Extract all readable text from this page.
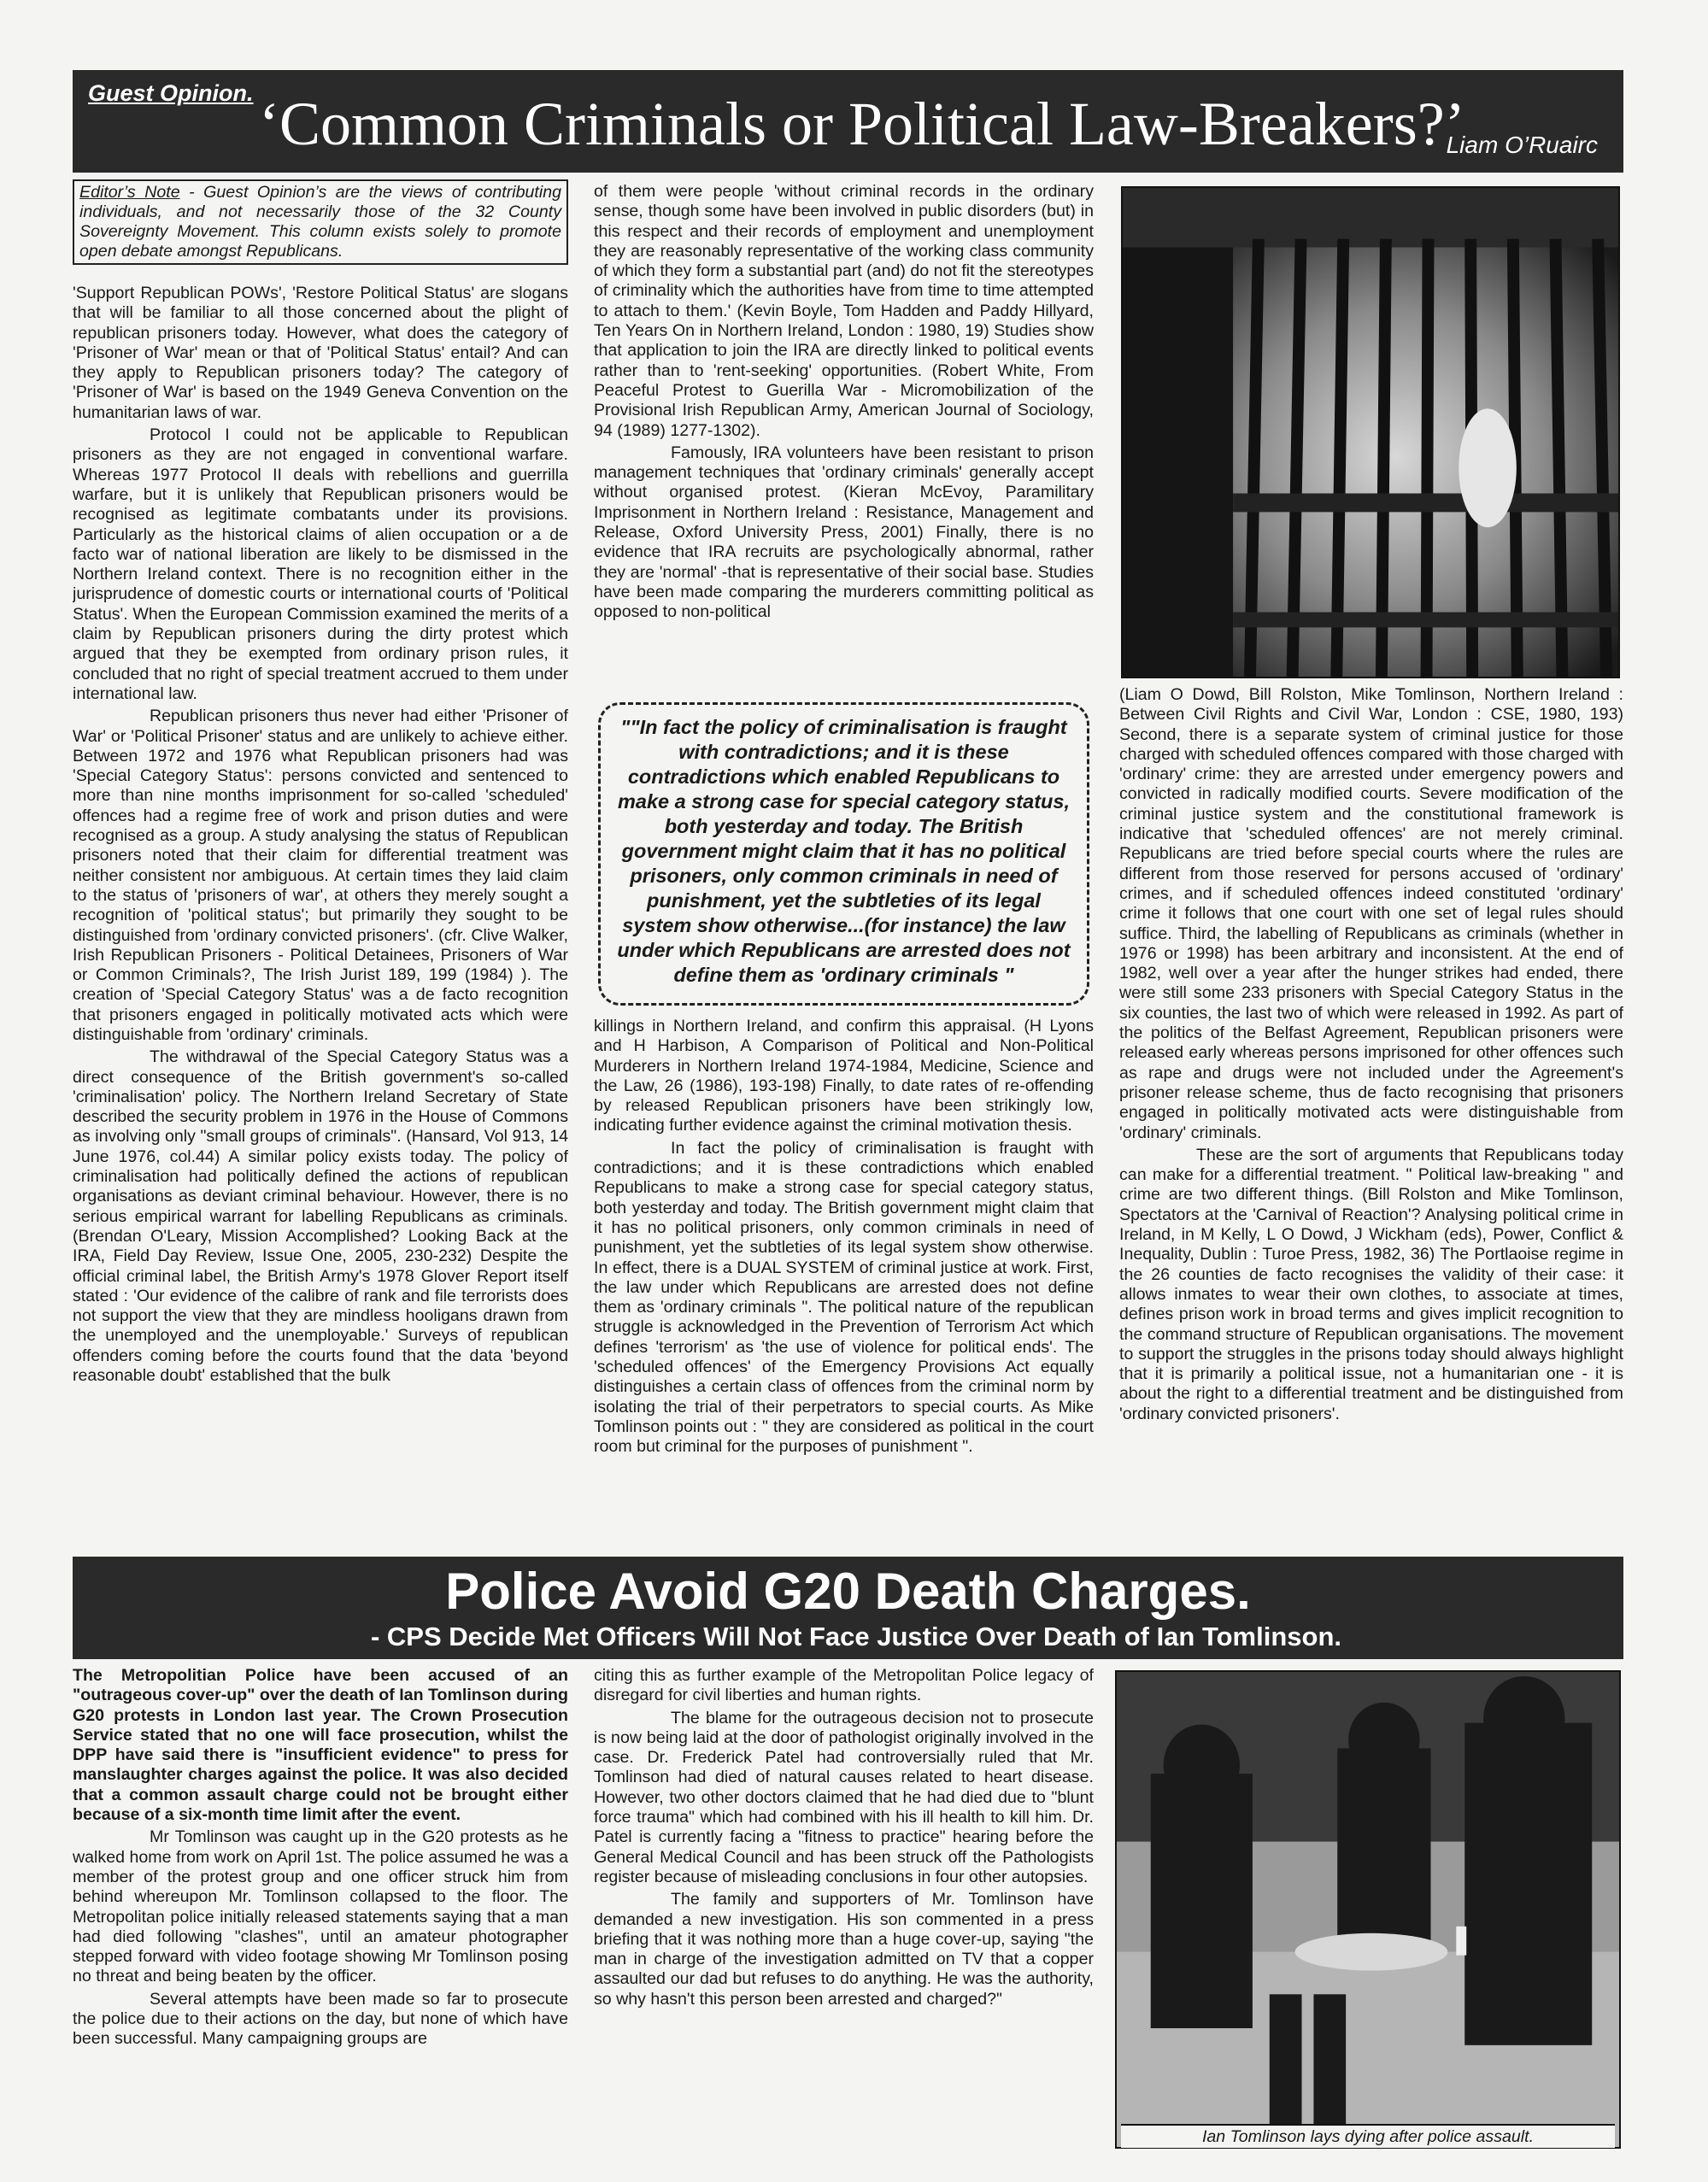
Guest Opinion. ‘Common Criminals or Political Law-Breakers?’
Liam O’Ruairc
Editor’s Note - Guest Opinion’s are the views of contributing individuals, and not necessarily those of the 32 County Sovereignty Movement. This column exists solely to promote open debate amongst Republicans.

'Support Republican POWs', 'Restore Political Status' are slogans that will be familiar to all those concerned about the plight of republican prisoners today. However, what does the category of 'Prisoner of War' mean or that of 'Political Status' entail? And can they apply to Republican prisoners today? The category of 'Prisoner of War' is based on the 1949 Geneva Convention on the humanitarian laws of war.

Protocol I could not be applicable to Republican prisoners as they are not engaged in conventional warfare. Whereas 1977 Protocol II deals with rebellions and guerrilla warfare, but it is unlikely that Republican prisoners would be recognised as legitimate combatants under its provisions. Particularly as the historical claims of alien occupation or a de facto war of national liberation are likely to be dismissed in the Northern Ireland context. There is no recognition either in the jurisprudence of domestic courts or international courts of 'Political Status'. When the European Commission examined the merits of a claim by Republican prisoners during the dirty protest which argued that they be exempted from ordinary prison rules, it concluded that no right of special treatment accrued to them under international law.

Republican prisoners thus never had either 'Prisoner of War' or 'Political Prisoner' status and are unlikely to achieve either. Between 1972 and 1976 what Republican prisoners had was 'Special Category Status': persons convicted and sentenced to more than nine months imprisonment for so-called 'scheduled' offences had a regime free of work and prison duties and were recognised as a group. A study analysing the status of Republican prisoners noted that their claim for differential treatment was neither consistent nor ambiguous. At certain times they laid claim to the status of 'prisoners of war', at others they merely sought a recognition of 'political status'; but primarily they sought to be distinguished from 'ordinary convicted prisoners'. (cfr. Clive Walker, Irish Republican Prisoners - Political Detainees, Prisoners of War or Common Criminals?, The Irish Jurist 189, 199 (1984) ). The creation of 'Special Category Status' was a de facto recognition that prisoners engaged in politically motivated acts which were distinguishable from 'ordinary' criminals.

The withdrawal of the Special Category Status was a direct consequence of the British government's so-called 'criminalisation' policy. The Northern Ireland Secretary of State described the security problem in 1976 in the House of Commons as involving only "small groups of criminals". (Hansard, Vol 913, 14 June 1976, col.44) A similar policy exists today. The policy of criminalisation had politically defined the actions of republican organisations as deviant criminal behaviour. However, there is no serious empirical warrant for labelling Republicans as criminals. (Brendan O'Leary, Mission Accomplished? Looking Back at the IRA, Field Day Review, Issue One, 2005, 230-232) Despite the official criminal label, the British Army's 1978 Glover Report itself stated : 'Our evidence of the calibre of rank and file terrorists does not support the view that they are mindless hooligans drawn from the unemployed and the unemployable.' Surveys of republican offenders coming before the courts found that the data 'beyond reasonable doubt' established that the bulk

of them were people 'without criminal records in the ordinary sense, though some have been involved in public disorders (but) in this respect and their records of employment and unemployment they are reasonably representative of the working class community of which they form a substantial part (and) do not fit the stereotypes of criminality which the authorities have from time to time attempted to attach to them.' (Kevin Boyle, Tom Hadden and Paddy Hillyard, Ten Years On in Northern Ireland, London : 1980, 19) Studies show that application to join the IRA are directly linked to political events rather than to 'rent-seeking' opportunities. (Robert White, From Peaceful Protest to Guerilla War - Micromobilization of the Provisional Irish Republican Army, American Journal of Sociology, 94 (1989) 1277-1302).

Famously, IRA volunteers have been resistant to prison management techniques that 'ordinary criminals' generally accept without organised protest. (Kieran McEvoy, Paramilitary Imprisonment in Northern Ireland : Resistance, Management and Release, Oxford University Press, 2001) Finally, there is no evidence that IRA recruits are psychologically abnormal, rather they are 'normal' -that is representative of their social base. Studies have been made comparing the murderers committing political as opposed to non-political

""In fact the policy of criminalisation is fraught with contradictions; and it is these contradictions which enabled Republicans to make a strong case for special category status, both yesterday and today. The British government might claim that it has no political prisoners, only common criminals in need of punishment, yet the subtleties of its legal system show otherwise...(for instance) the law under which Republicans are arrested does not define them as 'ordinary criminals "

killings in Northern Ireland, and confirm this appraisal. (H Lyons and H Harbison, A Comparison of Political and Non-Political Murderers in Northern Ireland 1974-1984, Medicine, Science and the Law, 26 (1986), 193-198) Finally, to date rates of re-offending by released Republican prisoners have been strikingly low, indicating further evidence against the criminal motivation thesis.

In fact the policy of criminalisation is fraught with contradictions; and it is these contradictions which enabled Republicans to make a strong case for special category status, both yesterday and today. The British government might claim that it has no political prisoners, only common criminals in need of punishment, yet the subtleties of its legal system show otherwise. In effect, there is a DUAL SYSTEM of criminal justice at work. First, the law under which Republicans are arrested does not define them as 'ordinary criminals ". The political nature of the republican struggle is acknowledged in the Prevention of Terrorism Act which defines 'terrorism' as 'the use of violence for political ends'. The 'scheduled offences' of the Emergency Provisions Act equally distinguishes a certain class of offences from the criminal norm by isolating the trial of their perpetrators to special courts. As Mike Tomlinson points out : " they are considered as political in the court room but criminal for the purposes of punishment ".

(Liam O Dowd, Bill Rolston, Mike Tomlinson, Northern Ireland : Between Civil Rights and Civil War, London : CSE, 1980, 193) Second, there is a separate system of criminal justice for those charged with scheduled offences compared with those charged with 'ordinary' crime: they are arrested under emergency powers and convicted in radically modified courts. Severe modification of the criminal justice system and the constitutional framework is indicative that 'scheduled offences' are not merely criminal. Republicans are tried before special courts where the rules are different from those reserved for persons accused of 'ordinary' crimes, and if scheduled offences indeed constituted 'ordinary' crime it follows that one court with one set of legal rules should suffice. Third, the labelling of Republicans as criminals (whether in 1976 or 1998) has been arbitrary and inconsistent. At the end of 1982, well over a year after the hunger strikes had ended, there were still some 233 prisoners with Special Category Status in the six counties, the last two of which were released in 1992. As part of the politics of the Belfast Agreement, Republican prisoners were released early whereas persons imprisoned for other offences such as rape and drugs were not included under the Agreement's prisoner release scheme, thus de facto recognising that prisoners engaged in politically motivated acts were distinguishable from 'ordinary' criminals.

These are the sort of arguments that Republicans today can make for a differential treatment. " Political law-breaking " and crime are two different things. (Bill Rolston and Mike Tomlinson, Spectators at the 'Carnival of Reaction'? Analysing political crime in Ireland, in M Kelly, L O Dowd, J Wickham (eds), Power, Conflict & Inequality, Dublin : Turoe Press, 1982, 36) The Portlaoise regime in the 26 counties de facto recognises the validity of their case: it allows inmates to wear their own clothes, to associate at times, defines prison work in broad terms and gives implicit recognition to the command structure of Republican organisations. The movement to support the struggles in the prisons today should always highlight that it is primarily a political issue, not a humanitarian one - it is about the right to a differential treatment and be distinguished from 'ordinary convicted prisoners'.

Police Avoid G20 Death Charges.
- CPS Decide Met Officers Will Not Face Justice Over Death of Ian Tomlinson.

The Metropolitian Police have been accused of an "outrageous cover-up" over the death of Ian Tomlinson during G20 protests in London last year. The Crown Prosecution Service stated that no one will face prosecution, whilst the DPP have said there is "insufficient evidence" to press for manslaughter charges against the police. It was also decided that a common assault charge could not be brought either because of a six-month time limit after the event.

Mr Tomlinson was caught up in the G20 protests as he walked home from work on April 1st. The police assumed he was a member of the protest group and one officer struck him from behind whereupon Mr. Tomlinson collapsed to the floor. The Metropolitan police initially released statements saying that a man had died following "clashes", until an amateur photographer stepped forward with video footage showing Mr Tomlinson posing no threat and being beaten by the officer.

Several attempts have been made so far to prosecute the police due to their actions on the day, but none of which have been successful. Many campaigning groups are

citing this as further example of the Metropolitan Police legacy of disregard for civil liberties and human rights.

The blame for the outrageous decision not to prosecute is now being laid at the door of pathologist originally involved in the case. Dr. Frederick Patel had controversially ruled that Mr. Tomlinson had died of natural causes related to heart disease. However, two other doctors claimed that he had died due to "blunt force trauma" which had combined with his ill health to kill him. Dr. Patel is currently facing a "fitness to practice" hearing before the General Medical Council and has been struck off the Pathologists register because of misleading conclusions in four other autopsies.

The family and supporters of Mr. Tomlinson have demanded a new investigation. His son commented in a press briefing that it was nothing more than a huge cover-up, saying "the man in charge of the investigation admitted on TV that a copper assaulted our dad but refuses to do anything. He was the authority, so why hasn't this person been arrested and charged?"

Ian Tomlinson lays dying after police assault.
